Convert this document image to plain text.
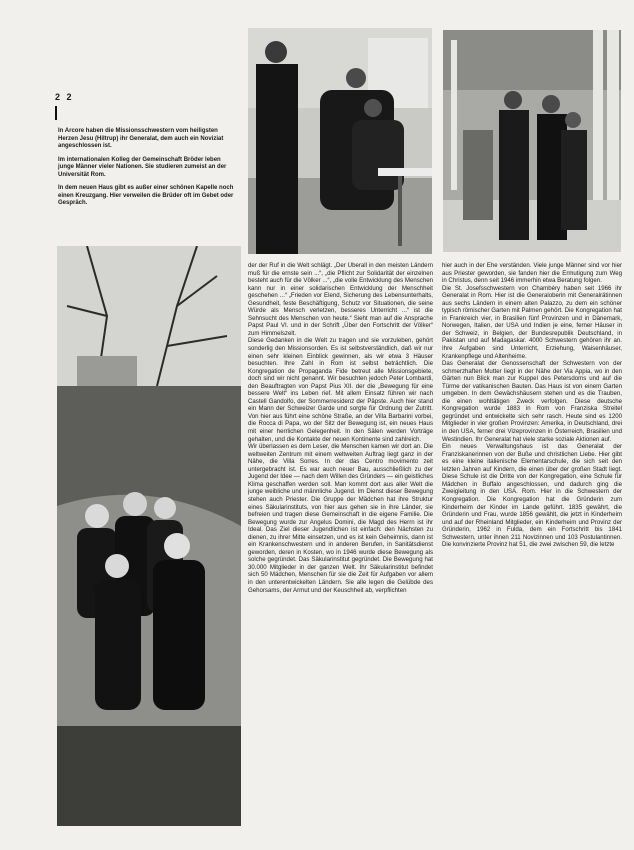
2 2

In Arcore haben die Missionsschwestern vom heiligsten Herzen Jesu (Hiltrup) ihr Generalat, dem auch ein Noviziat angeschlossen ist.

Im internationalen Kolleg der Gemeinschaft Bröder leben junge Männer vieler Nationen. Sie studieren zumeist an der Universität Rom.

In dem neuen Haus gibt es außer einer schönen Kapelle noch einen Kreuzgang. Hier verweilen die Brüder oft im Gebet oder Gespräch.

der der Ruf in die Welt schlägt. „Der Überall in den meisten Ländern muß für die ernste sein ...“, „die Pflicht zur Solidarität der einzelnen besteht auch für die Völker ...“, „die volle Entwicklung des Menschen kann nur in einer solidarischen Entwicklung der Menschheit geschehen ...“ „Frieden vor Elend, Sicherung des Lebensunterhalts, Gesundheit, feste Beschäftigung, Schutz vor Situationen, die seine Würde als Mensch verletzen, besseres Unterricht ...“ ist die Sehnsucht des Menschen von heute.“ Sieht man auf die Ansprache Papst Paul VI. und in der Schrift „Über den Fortschritt der Völker“ zum Himmelszelt.

Diese Gedanken in die Welt zu tragen und sie vorzuleben, gehört sonderlig den Missionsorden. Es ist selbstverständlich, daß wir nur einen sehr kleinen Einblick gewinnen, als wir etwa 3 Häuser besuchten. Ihre Zahl in Rom ist selbst beträchtlich. Die Kongregation de Propaganda Fide betreut alle Missionsgebiete, doch sind wir nicht genannt. Wir besuchten jedoch Peter Lombardi, den Beauftragten von Papst Pius XII. der die „Bewegung für eine bessere Welt“ ins Leben rief. Mit allem Einsatz führen wir nach Castell Gandolfo, der Sommerresidenz der Päpste. Auch hier stand ein Mann der Schweizer Garde und sorgte für Ordnung der Zutritt. Von hier aus führt eine schöne Straße, an der Villa Barbarini vorbei, die Rocca di Papa, wo der Sitz der Bewegung ist, ein neues Haus mit einer herrlichen Gelegenheit. In den Sälen werden Vorträge gehalten, und die Kontakte der neuen Kontinente sind zahlreich.

Wir überlassen es dem Leser, die Menschen kamen wir dort an. Die weltweiten Zentrum mit einem weltweiten Auftrag liegt ganz in der Nähe, die Villa Sorres. In der das Centro movimento zeit untergebracht ist. Es war auch neuer Bau, ausschließlich zu der Jugend der Idee — nach dem Willen des Gründers — ein geistliches Klima geschaffen werden soll. Man kommt dort aus aller Welt die junge weibliche und männliche Jugend. Im Dienst dieser Bewegung stehen auch Priester. Die Gruppe der Mädchen hat ihre Struktur eines Säkularinstituts, von hier aus gehen sie in ihre Länder, sie befreien und tragen diese Gemeinschaft in die eigene Familie. Die Bewegung wurde zur Angelus Domini, die Magd des Herrn ist ihr Ideal. Das Ziel dieser Jugendlichen ist einfach: den Nächsten zu dienen, zu ihrer Mitte einsetzen, und es ist kein Geheimnis, dann ist ein Krankenschwestern und in anderen Berufen, in Sanitätsdienst geworden, deren in Kosten, wo in 1946 wurde diese Bewegung als solche gegründet. Das Säkularinstitut gegründet. Die Bewegung hat 30.000 Mitglieder in der ganzen Welt. Ihr Säkularinstitut befindet sich 50 Mädchen, Menschen für sie die Zeit für Aufgaben vor allem in den unterentwickelten Ländern. Sie alle legen die Gelübde des Gehorsams, der Armut und der Keuschheit ab, verpflichten

hier auch in der Ehe verständen. Viele junge Männer sind vor hier aus Priester geworden, sie fanden hier die Ermutigung zum Weg in Christus, denn seit 1946 immerhin etwa Beratung folgen.

Die St. Josefsschwestern von Chambéry haben seit 1966 ihr Generalat in Rom. Hier ist die Generaloberin mit Generalrätinnen aus sechs Ländern in einem alten Palazzo, zu dem ein schöner typisch römischer Garten mit Palmen gehört. Die Kongregation hat in Frankreich vier, in Brasilien fünf Provinzen und in Dänemark, Norwegen, Italien, der USA und Indien je eine, ferner Häuser in der Schweiz, in Belgien, der Bundesrepublik Deutschland, in Pakistan und auf Madagaskar. 4000 Schwestern gehören ihr an. Ihre Aufgaben sind Unterricht, Erziehung, Waisenhäuser, Krankenpflege und Altenheime.

Das Generalat der Genossenschaft der Schwestern von der schmerzhaften Mutter liegt in der Nähe der Via Appia, wo in den Gärten nun Blick man zur Kuppel des Petersdoms und auf die Türme der vatikanischen Bauten. Das Haus ist von einem Garten umgeben. In dem Gewächshäusern stehen und es die Trauben, die einen wohltätigen Zweck verfolgen. Diese deutsche Kongregation wurde 1883 in Rom von Franziska Streitel gegründet und entwickelte sich sehr rasch. Heute sind es 1200 Mitglieder in vier großen Provinzen: Amerika, in Deutschland, drei in den USA, ferner drei Vizeprovinzen in Österreich, Brasilien und Westindien. Ihr Generalat hat viele starke soziale Aktionen auf.

Ein neues Verwaltungshaus ist das Generalat der Franziskanerinnen von der Buße und christlichen Liebe. Hier gibt es eine kleine italienische Elementarschule, die sich seit den letzten Jahren auf Kindern, die einen über der großen Stadt liegt. Diese Schule ist die Dritte von der Kongregation, eine Schule für Mädchen in Buffalo angeschlossen, und dadurch ging die Zweigleitung in den USA. Rom. Hier in die Schwestern der Kongregation. Die Kongregation hat die Gründerin zum Kinderheim der Kinder im Lande geführt. 1835 gewährt, die Gründerin und Frau, wurde 1856 gewählt, die jetzt in Kinderheim und auf der Rheinland Mitglieder, ein Kinderheim und Provinz der Gründerin, 1962 in Fulda, dem ein Fortschritt bis 1841 Schwestern, unter ihnen 211 Novizinnen und 103 Postulantinnen. Die konvinzierte Provinz hat 51, die zwei zwischen 59, die letzte
